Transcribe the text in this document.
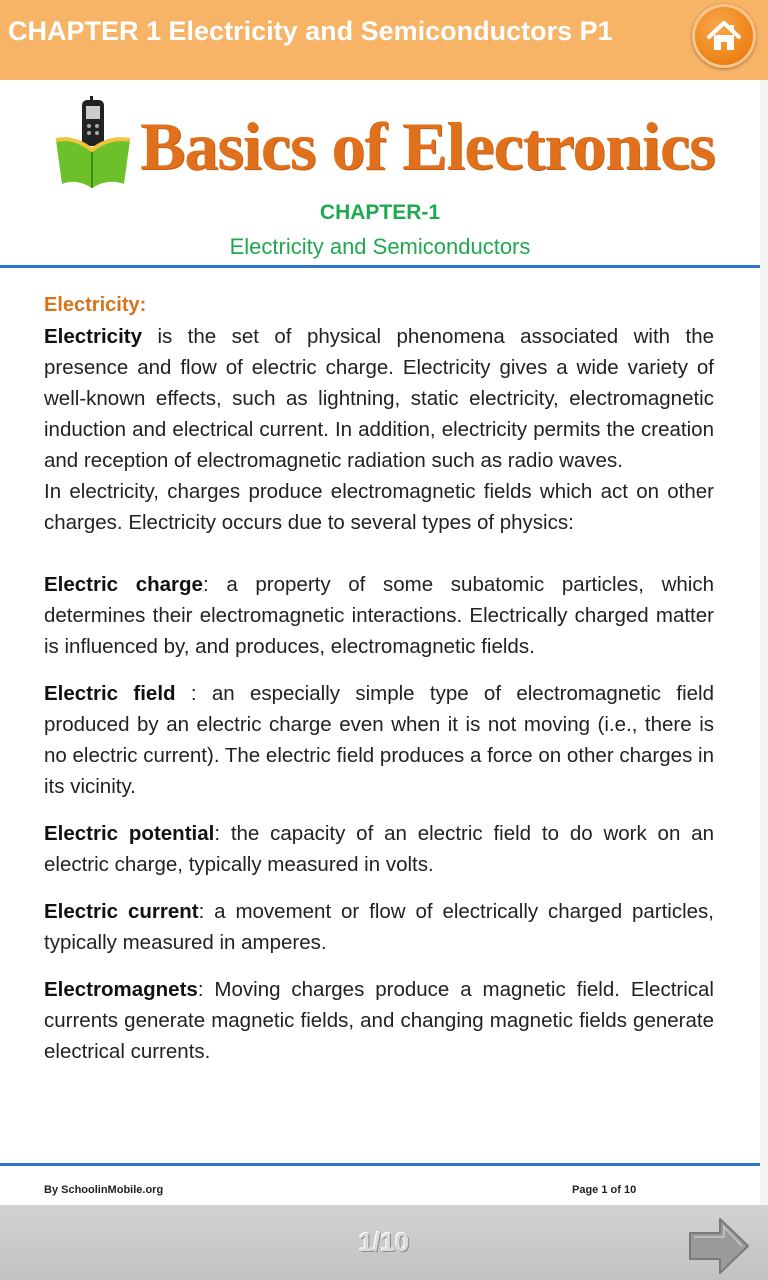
CHAPTER 1 Electricity and Semiconductors P1
Basics of Electronics
CHAPTER-1
Electricity and Semiconductors
Electricity:

Electricity is the set of physical phenomena associated with the presence and flow of electric charge. Electricity gives a wide variety of well-known effects, such as lightning, static electricity, electromagnetic induction and electrical current. In addition, electricity permits the creation and reception of electromagnetic radiation such as radio waves.

In electricity, charges produce electromagnetic fields which act on other charges. Electricity occurs due to several types of physics:

Electric charge: a property of some subatomic particles, which determines their electromagnetic interactions. Electrically charged matter is influenced by, and produces, electromagnetic fields.

Electric field : an especially simple type of electromagnetic field produced by an electric charge even when it is not moving (i.e., there is no electric current). The electric field produces a force on other charges in its vicinity.

Electric potential: the capacity of an electric field to do work on an electric charge, typically measured in volts.

Electric current: a movement or flow of electrically charged particles, typically measured in amperes.

Electromagnets: Moving charges produce a magnetic field. Electrical currents generate magnetic fields, and changing magnetic fields generate electrical currents.

By SchoolinMobile.org	Page 1 of 10
1/10
